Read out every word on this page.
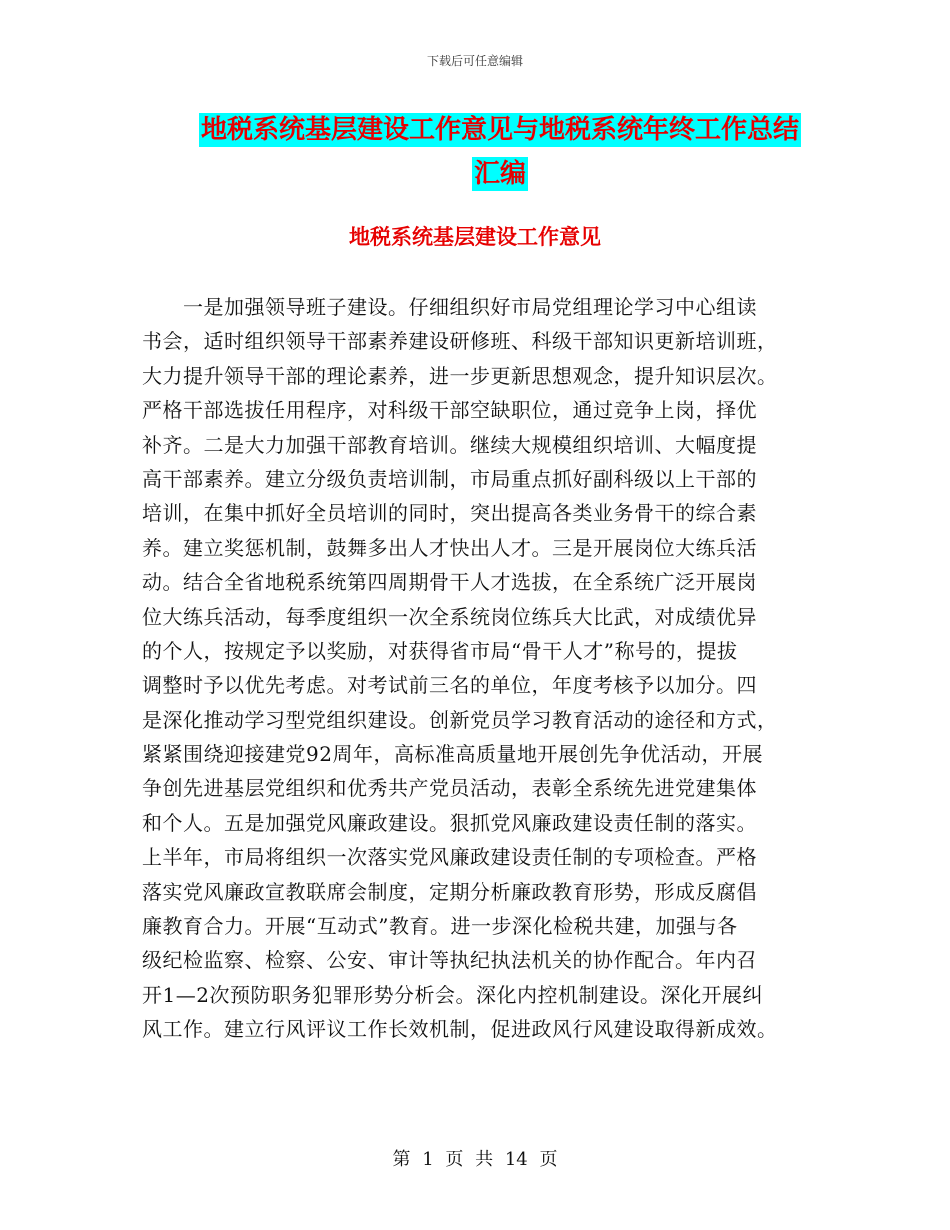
下载后可任意编辑
地税系统基层建设工作意见与地税系统年终工作总结
汇编
地税系统基层建设工作意见
　　一是加强领导班子建设。仔细组织好市局党组理论学习中心组读
书会，适时组织领导干部素养建设研修班、科级干部知识更新培训班，
大力提升领导干部的理论素养，进一步更新思想观念，提升知识层次。
严格干部选拔任用程序，对科级干部空缺职位，通过竞争上岗，择优
补齐。二是大力加强干部教育培训。继续大规模组织培训、大幅度提
高干部素养。建立分级负责培训制，市局重点抓好副科级以上干部的
培训，在集中抓好全员培训的同时，突出提高各类业务骨干的综合素
养。建立奖惩机制，鼓舞多出人才快出人才。三是开展岗位大练兵活
动。结合全省地税系统第四周期骨干人才选拔，在全系统广泛开展岗
位大练兵活动，每季度组织一次全系统岗位练兵大比武，对成绩优异
的个人，按规定予以奖励，对获得省市局“骨干人才”称号的，提拔
调整时予以优先考虑。对考试前三名的单位，年度考核予以加分。四
是深化推动学习型党组织建设。创新党员学习教育活动的途径和方式，
紧紧围绕迎接建党92周年，高标准高质量地开展创先争优活动，开展
争创先进基层党组织和优秀共产党员活动，表彰全系统先进党建集体
和个人。五是加强党风廉政建设。狠抓党风廉政建设责任制的落实。
上半年，市局将组织一次落实党风廉政建设责任制的专项检查。严格
落实党风廉政宣教联席会制度，定期分析廉政教育形势，形成反腐倡
廉教育合力。开展“互动式”教育。进一步深化检税共建，加强与各
级纪检监察、检察、公安、审计等执纪执法机关的协作配合。年内召
开1—2次预防职务犯罪形势分析会。深化内控机制建设。深化开展纠
风工作。建立行风评议工作长效机制，促进政风行风建设取得新成效。
第 1 页 共 14 页
